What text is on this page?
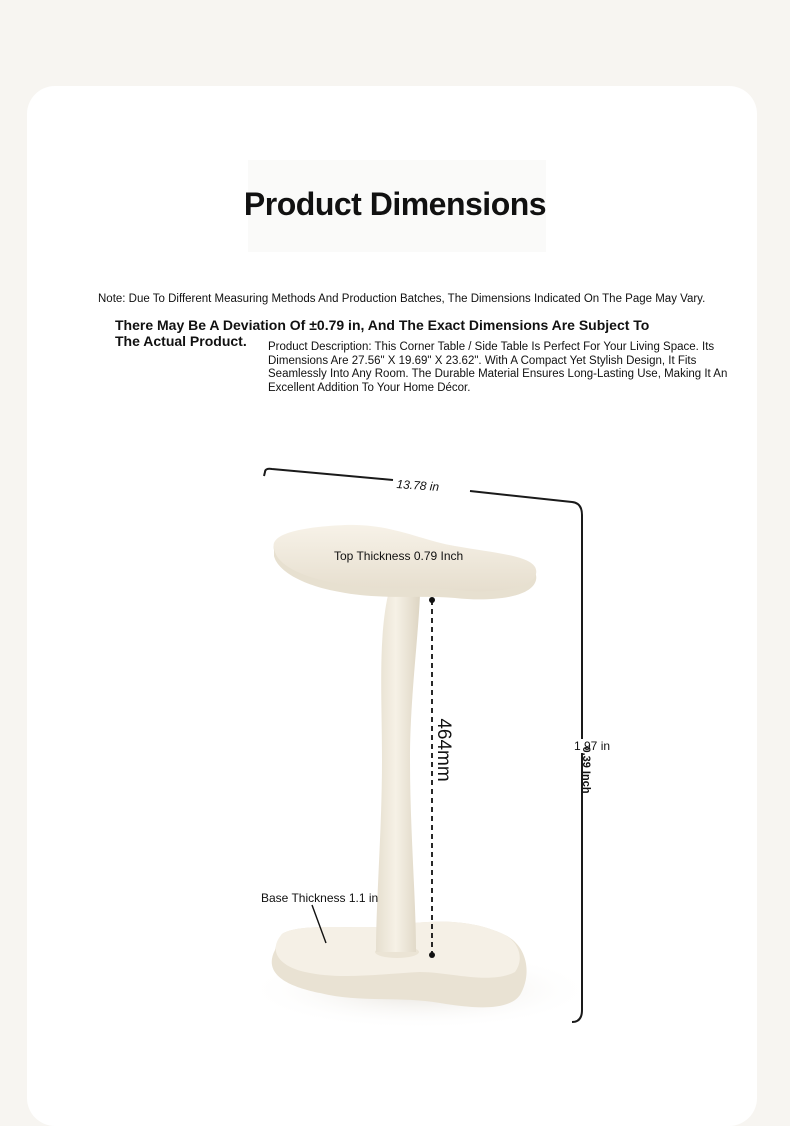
Product Dimensions
Note: Due To Different Measuring Methods And Production Batches, The Dimensions Indicated On The Page May Vary.
There May Be A Deviation Of ±0.79 in, And The Exact Dimensions Are Subject To The Actual Product.	Product Description: This Corner Table / Side Table Is Perfect For Your Living Space. Its Dimensions Are 27.56" X 19.69" X 23.62". With A Compact Yet Stylish Design, It Fits Seamlessly Into Any Room. The Durable Material Ensures Long-Lasting Use, Making It An Excellent Addition To Your Home Décor.
13.78 in
Top Thickness 0.79 Inch
464mm	1 97 in
0.39 Inch
Base Thickness 1.1 in
